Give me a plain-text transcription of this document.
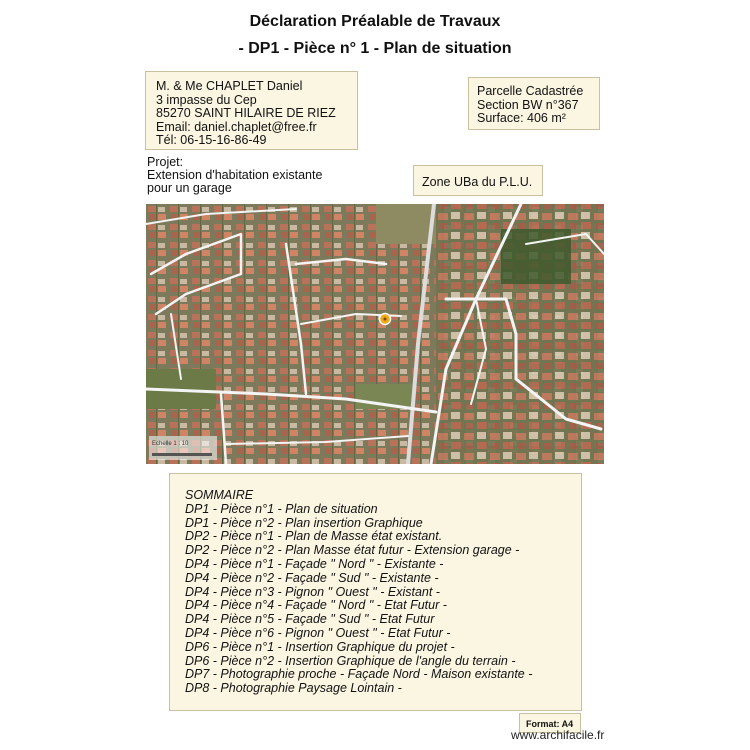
Déclaration Préalable de Travaux
- DP1 - Pièce n° 1 - Plan de situation
M. & Me CHAPLET Daniel
3 impasse du Cep
85270 SAINT HILAIRE DE RIEZ
Email: daniel.chaplet@free.fr
Tél: 06-15-16-86-49
Parcelle Cadastrée
Section BW n°367
Surface: 406 m²
Projet:
Extension d'habitation existante
pour un garage	Zone UBa du P.L.U.
Echelle 1 : 10
SOMMAIRE
DP1 - Pièce n°1 - Plan de situation
DP1 - Pièce n°2 - Plan insertion Graphique
DP2 - Pièce n°1 - Plan de Masse état existant.
DP2 - Pièce n°2 - Plan Masse état futur - Extension garage -
DP4 - Pièce n°1 - Façade " Nord " - Existante -
DP4 - Pièce n°2 - Façade " Sud " - Existante -
DP4 - Pièce n°3 - Pignon " Ouest " - Existant -
DP4 - Pièce n°4 - Façade " Nord " - Etat Futur -
DP4 - Pièce n°5 - Façade " Sud " - Etat Futur
DP4 - Pièce n°6 - Pignon " Ouest " - Etat Futur -
DP6 - Pièce n°1 - Insertion Graphique du projet -
DP6 - Pièce n°2 - Insertion Graphique de l'angle du terrain -
DP7 - Photographie proche - Façade Nord - Maison existante -
DP8 - Photographie Paysage Lointain -
Format: A4
www.archifacile.fr
